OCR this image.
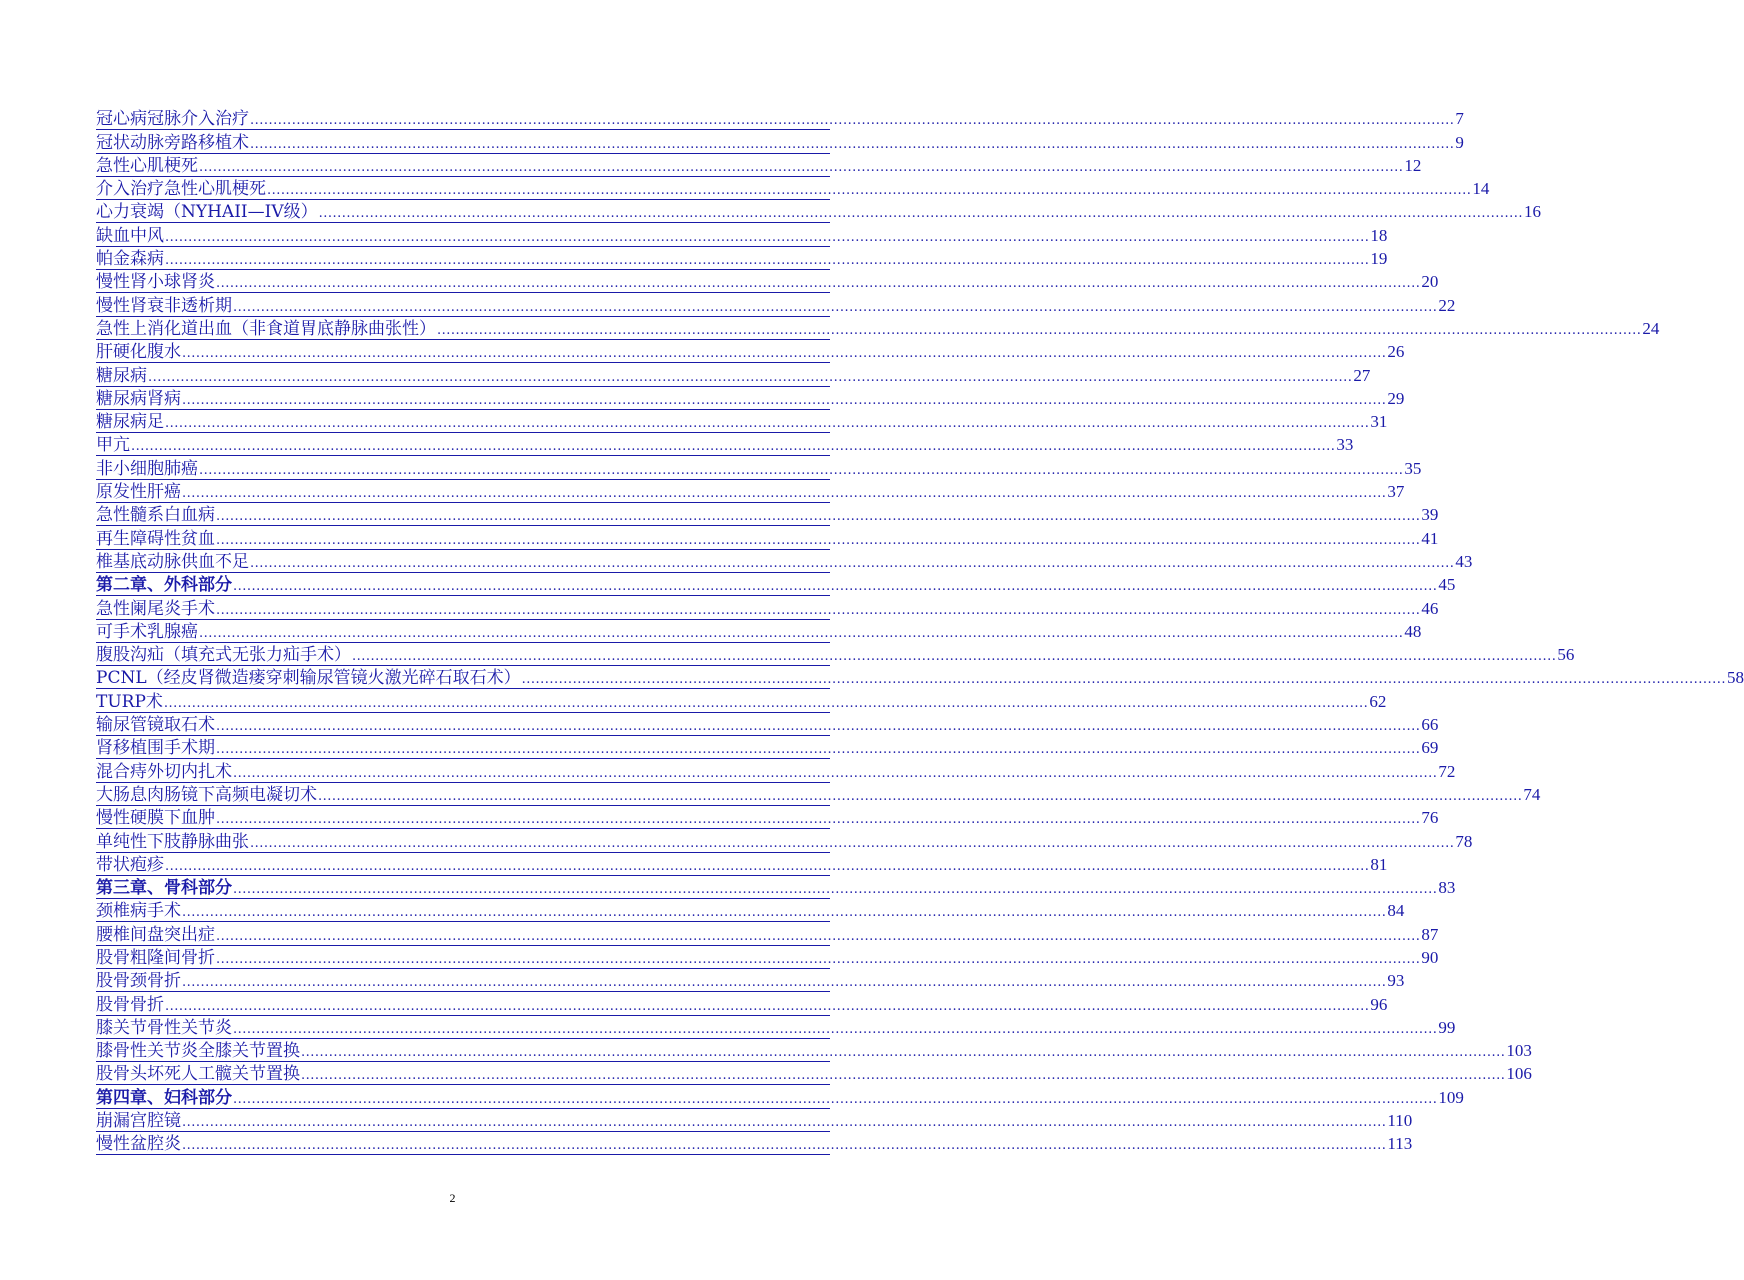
冠心病冠脉介入治疗 .................................................................................................................................................................................................................................................................... 7
冠状动脉旁路移植术 .................................................................................................................................................................................................................................................................... 9
急性心肌梗死 .................................................................................................................................................................................................................................................................... 12
介入治疗急性心肌梗死 .................................................................................................................................................................................................................................................................... 14
心力衰竭（NYHAII—IV级） .................................................................................................................................................................................................................................................................... 16
缺血中风 .................................................................................................................................................................................................................................................................... 18
帕金森病 .................................................................................................................................................................................................................................................................... 19
慢性肾小球肾炎 .................................................................................................................................................................................................................................................................... 20
慢性肾衰非透析期 .................................................................................................................................................................................................................................................................... 22
急性上消化道出血（非食道胃底静脉曲张性） .................................................................................................................................................................................................................................................................... 24
肝硬化腹水 .................................................................................................................................................................................................................................................................... 26
糖尿病 .................................................................................................................................................................................................................................................................... 27
糖尿病肾病 .................................................................................................................................................................................................................................................................... 29
糖尿病足 .................................................................................................................................................................................................................................................................... 31
甲亢 .................................................................................................................................................................................................................................................................... 33
非小细胞肺癌 .................................................................................................................................................................................................................................................................... 35
原发性肝癌 .................................................................................................................................................................................................................................................................... 37
急性髓系白血病 .................................................................................................................................................................................................................................................................... 39
再生障碍性贫血 .................................................................................................................................................................................................................................................................... 41
椎基底动脉供血不足 .................................................................................................................................................................................................................................................................... 43
第二章、外科部分 .................................................................................................................................................................................................................................................................... 45
急性阑尾炎手术 .................................................................................................................................................................................................................................................................... 46
可手术乳腺癌 .................................................................................................................................................................................................................................................................... 48
腹股沟疝（填充式无张力疝手术） .................................................................................................................................................................................................................................................................... 56
PCNL（经皮肾微造瘘穿刺输尿管镜火激光碎石取石术） .................................................................................................................................................................................................................................................................... 58
TURP术 .................................................................................................................................................................................................................................................................... 62
输尿管镜取石术 .................................................................................................................................................................................................................................................................... 66
肾移植围手术期 .................................................................................................................................................................................................................................................................... 69
混合痔外切内扎术 .................................................................................................................................................................................................................................................................... 72
大肠息肉肠镜下高频电凝切术 .................................................................................................................................................................................................................................................................... 74
慢性硬膜下血肿 .................................................................................................................................................................................................................................................................... 76
单纯性下肢静脉曲张 .................................................................................................................................................................................................................................................................... 78
带状疱疹 .................................................................................................................................................................................................................................................................... 81
第三章、骨科部分 .................................................................................................................................................................................................................................................................... 83
颈椎病手术 .................................................................................................................................................................................................................................................................... 84
腰椎间盘突出症 .................................................................................................................................................................................................................................................................... 87
股骨粗隆间骨折 .................................................................................................................................................................................................................................................................... 90
股骨颈骨折 .................................................................................................................................................................................................................................................................... 93
股骨骨折 .................................................................................................................................................................................................................................................................... 96
膝关节骨性关节炎 .................................................................................................................................................................................................................................................................... 99
膝骨性关节炎全膝关节置换 .................................................................................................................................................................................................................................................................... 103
股骨头坏死人工髋关节置换 .................................................................................................................................................................................................................................................................... 106
第四章、妇科部分 .................................................................................................................................................................................................................................................................... 109
崩漏宫腔镜 .................................................................................................................................................................................................................................................................... 110
慢性盆腔炎 .................................................................................................................................................................................................................................................................... 113
2
